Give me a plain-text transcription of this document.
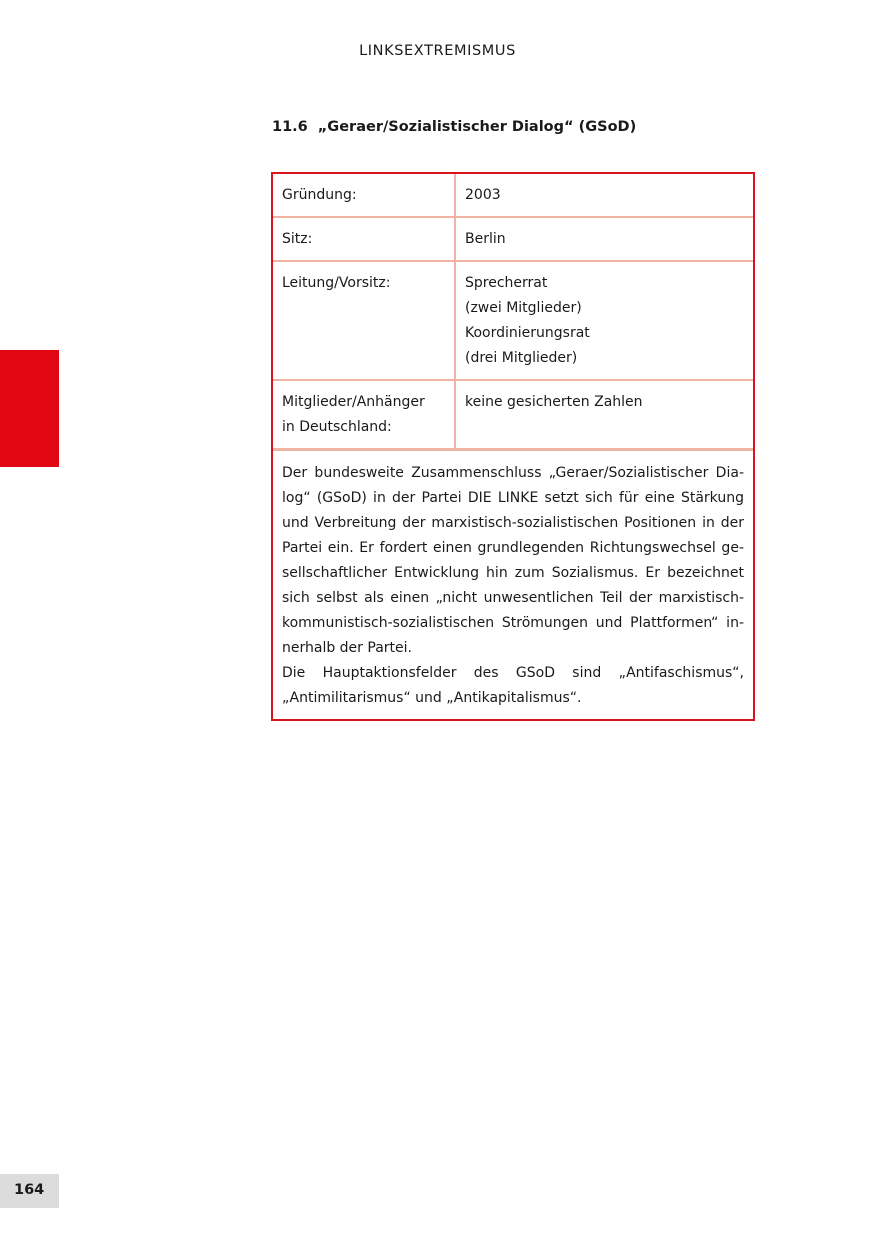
LINKSEXTREMISMUS
11.6 „Geraer/Sozialistischer Dialog“ (GSoD)
Gründung:	2003
Sitz:	Berlin
Leitung/Vorsitz:	Sprecherrat
(zwei Mitglieder)
Koordinierungsrat
(drei Mitglieder)

Mitglieder/Anhänger
in Deutschland:	keine gesicherten Zahlen

Der bundesweite Zusammenschluss „Geraer/Sozialistischer Dialog“ (GSoD) in der Partei DIE LINKE setzt sich für eine Stärkung und Verbreitung der marxistisch-sozialistischen Positionen in der Partei ein. Er fordert einen grundlegenden Richtungswechsel gesellschaftlicher Entwicklung hin zum Sozialismus. Er bezeichnet sich selbst als einen „nicht unwesentlichen Teil der marxistisch-kommunistisch-sozialistischen Strömungen und Plattformen“ innerhalb der Partei.

Die Hauptaktionsfelder des GSoD sind „Antifaschismus“, „Antimilitarismus“ und „Antikapitalismus“.

164
